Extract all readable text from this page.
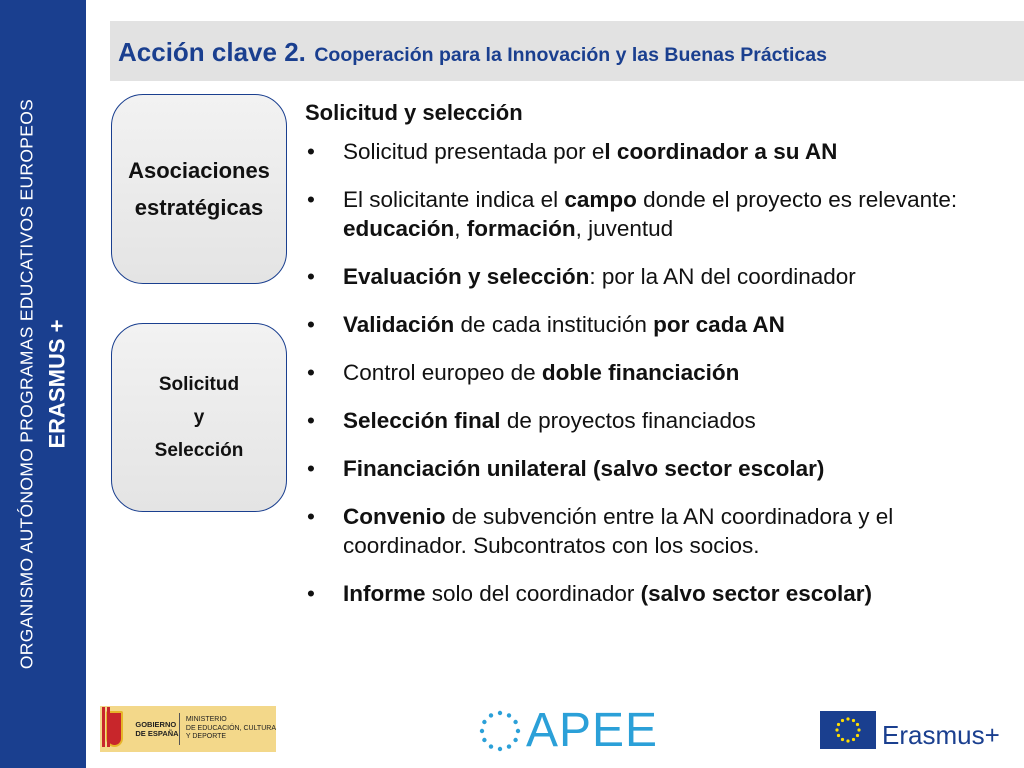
ORGANISMO AUTÓNOMO PROGRAMAS EDUCATIVOS EUROPEOS ERASMUS +
Acción clave 2. Cooperación para la Innovación y las Buenas Prácticas
Asociaciones
estratégicas
Solicitud
y
Selección
Solicitud y selección
• Solicitud presentada por el coordinador a su AN
• El solicitante indica el campo donde el proyecto es relevante: educación, formación, juventud
• Evaluación y selección: por la AN del coordinador
• Validación de cada institución por cada AN
• Control europeo de doble financiación
• Selección final de proyectos financiados
• Financiación unilateral (salvo sector escolar)
• Convenio de subvención entre la AN coordinadora y el coordinador. Subcontratos con los socios.
• Informe solo del coordinador (salvo sector escolar)
GOBIERNO
DE ESPAÑA
MINISTERIO
DE EDUCACIÓN, CULTURA
Y DEPORTE	APEE	Erasmus+
